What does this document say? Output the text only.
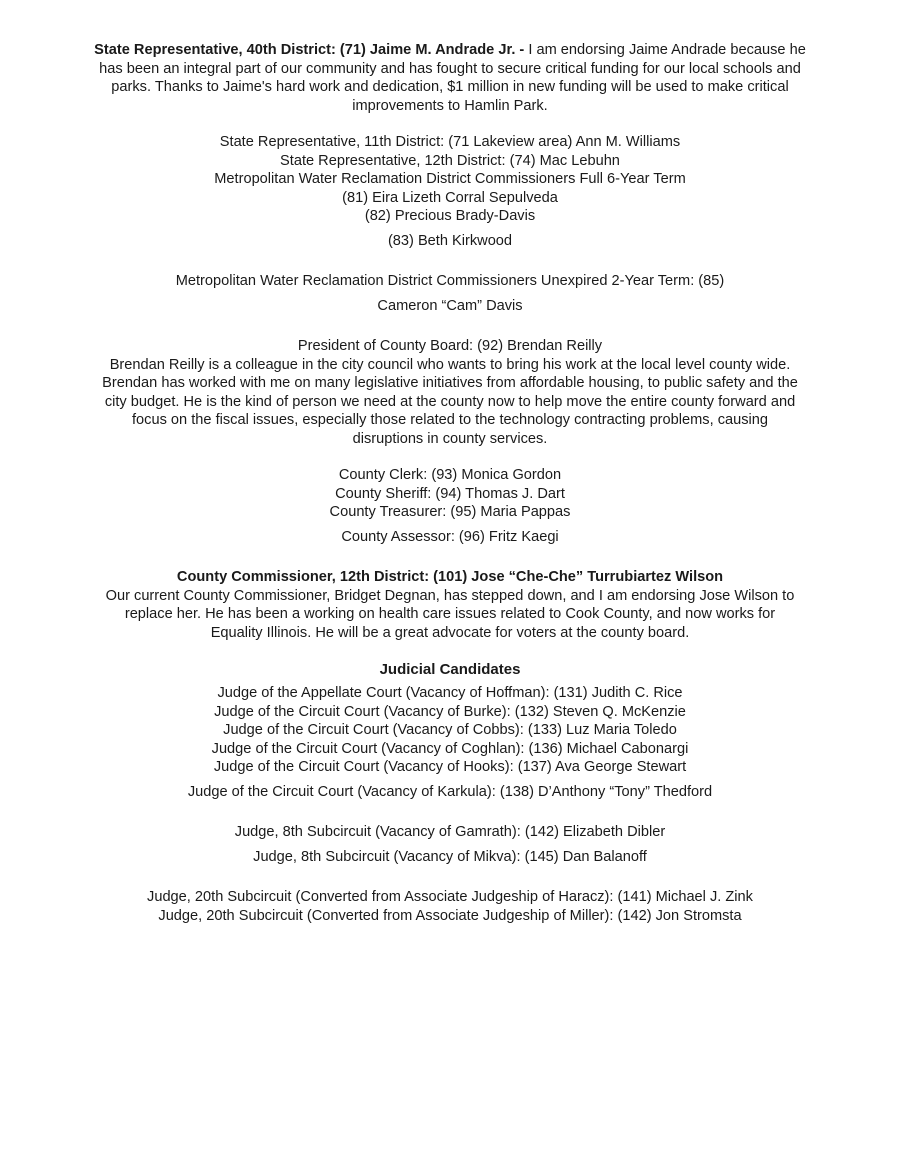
State Representative, 40th District: (71) Jaime M. Andrade Jr. - I am endorsing Jaime Andrade because he has been an integral part of our community and has fought to secure critical funding for our local schools and parks. Thanks to Jaime's hard work and dedication, $1 million in new funding will be used to make critical improvements to Hamlin Park.
State Representative, 11th District: (71 Lakeview area) Ann M. Williams
State Representative, 12th District: (74) Mac Lebuhn
Metropolitan Water Reclamation District Commissioners Full 6-Year Term
(81) Eira Lizeth Corral Sepulveda
(82) Precious Brady-Davis
(83) Beth Kirkwood
Metropolitan Water Reclamation District Commissioners Unexpired 2-Year Term: (85)
Cameron “Cam” Davis
President of County Board: (92) Brendan Reilly
Brendan Reilly is a colleague in the city council who wants to bring his work at the local level county wide. Brendan has worked with me on many legislative initiatives from affordable housing, to public safety and the city budget. He is the kind of person we need at the county now to help move the entire county forward and focus on the fiscal issues, especially those related to the technology contracting problems, causing disruptions in county services.
County Clerk: (93) Monica Gordon
County Sheriff: (94) Thomas J. Dart
County Treasurer: (95) Maria Pappas
County Assessor: (96) Fritz Kaegi
County Commissioner, 12th District: (101) Jose “Che-Che” Turrubiartez Wilson
Our current County Commissioner, Bridget Degnan, has stepped down, and I am endorsing Jose Wilson to replace her. He has been a working on health care issues related to Cook County, and now works for Equality Illinois. He will be a great advocate for voters at the county board.
Judicial Candidates
Judge of the Appellate Court (Vacancy of Hoffman): (131) Judith C. Rice
Judge of the Circuit Court (Vacancy of Burke): (132) Steven Q. McKenzie
Judge of the Circuit Court (Vacancy of Cobbs): (133) Luz Maria Toledo
Judge of the Circuit Court (Vacancy of Coghlan): (136) Michael Cabonargi
Judge of the Circuit Court (Vacancy of Hooks): (137) Ava George Stewart
Judge of the Circuit Court (Vacancy of Karkula): (138) D’Anthony “Tony” Thedford
Judge, 8th Subcircuit (Vacancy of Gamrath): (142) Elizabeth Dibler
Judge, 8th Subcircuit (Vacancy of Mikva): (145) Dan Balanoff
Judge, 20th Subcircuit (Converted from Associate Judgeship of Haracz): (141) Michael J. Zink
Judge, 20th Subcircuit (Converted from Associate Judgeship of Miller): (142) Jon Stromsta
